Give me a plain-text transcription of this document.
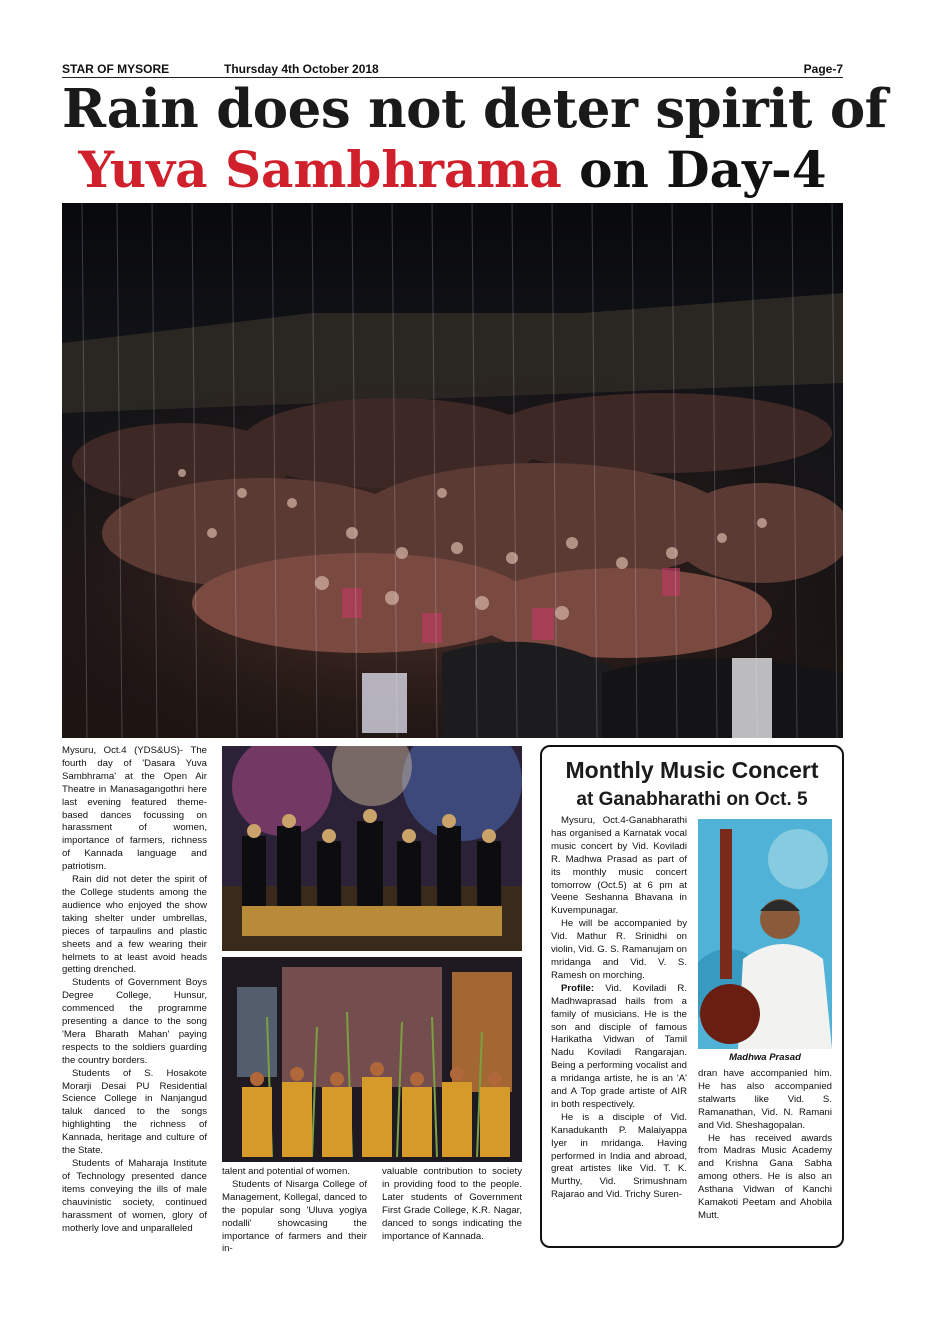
STAR OF MYSORE	Thursday 4th October 2018	Page-7
Rain does not deter spirit of
Yuva Sambhrama on Day-4

Mysuru, Oct.4 (YDS&US)- The fourth day of 'Dasara Yuva Sambhrama' at the Open Air Theatre in Manasagangothri here last evening featured theme-based dances focussing on harassment of women, importance of farmers, richness of Kannada language and patriotism.

Rain did not deter the spirit of the College students among the audience who enjoyed the show taking shelter under umbrellas, pieces of tarpaulins and plastic sheets and a few wearing their helmets to at least avoid heads getting drenched.

Students of Government Boys Degree College, Hunsur, commenced the programme presenting a dance to the song 'Mera Bharath Mahan' paying respects to the soldiers guarding the country borders.

Students of S. Hosakote Morarji Desai PU Residential Science College in Nanjangud taluk danced to the songs highlighting the richness of Kannada, heritage and culture of the State.

Students of Maharaja Institute of Technology presented dance items conveying the ills of male chauvinistic society, continued harassment of women, glory of motherly love and unparalleled

talent and potential of women.

Students of Nisarga College of Management, Kollegal, danced to the popular song 'Uluva yogiya nodalli' showcasing the importance of farmers and their in-

valuable contribution to society in providing food to the people. Later students of Government First Grade College, K.R. Nagar, danced to songs indicating the importance of Kannada.

Monthly Music Concert
at Ganabharathi on Oct. 5

Mysuru, Oct.4-Ganabharathi has organised a Karnatak vocal music concert by Vid. Koviladi R. Madhwa Prasad as part of its monthly music concert tomorrow (Oct.5) at 6 pm at Veene Seshanna Bhavana in Kuvempunagar.

He will be accompanied by Vid. Mathur R. Srinidhi on violin, Vid. G. S. Ramanujam on mridanga and Vid. V. S. Ramesh on morching.

Profile: Vid. Koviladi R. Madhwaprasad hails from a family of musicians. He is the son and disciple of famous Harikatha Vidwan of Tamil Nadu Koviladi Rangarajan. Being a performing vocalist and a mridanga artiste, he is an 'A' and A Top grade artiste of AIR in both respectively.

He is a disciple of Vid. Kanadukanth P. Malaiyappa Iyer in mridanga. Having performed in India and abroad, great artistes like Vid. T. K. Murthy, Vid. Srimushnam Rajarao and Vid. Trichy Suren-

Madhwa Prasad

dran have accompanied him. He has also accompanied stalwarts like Vid. S. Ramanathan, Vid. N. Ramani and Vid. Sheshagopalan.

He has received awards from Madras Music Academy and Krishna Gana Sabha among others. He is also an Asthana Vidwan of Kanchi Kamakoti Peetam and Ahobila Mutt.
